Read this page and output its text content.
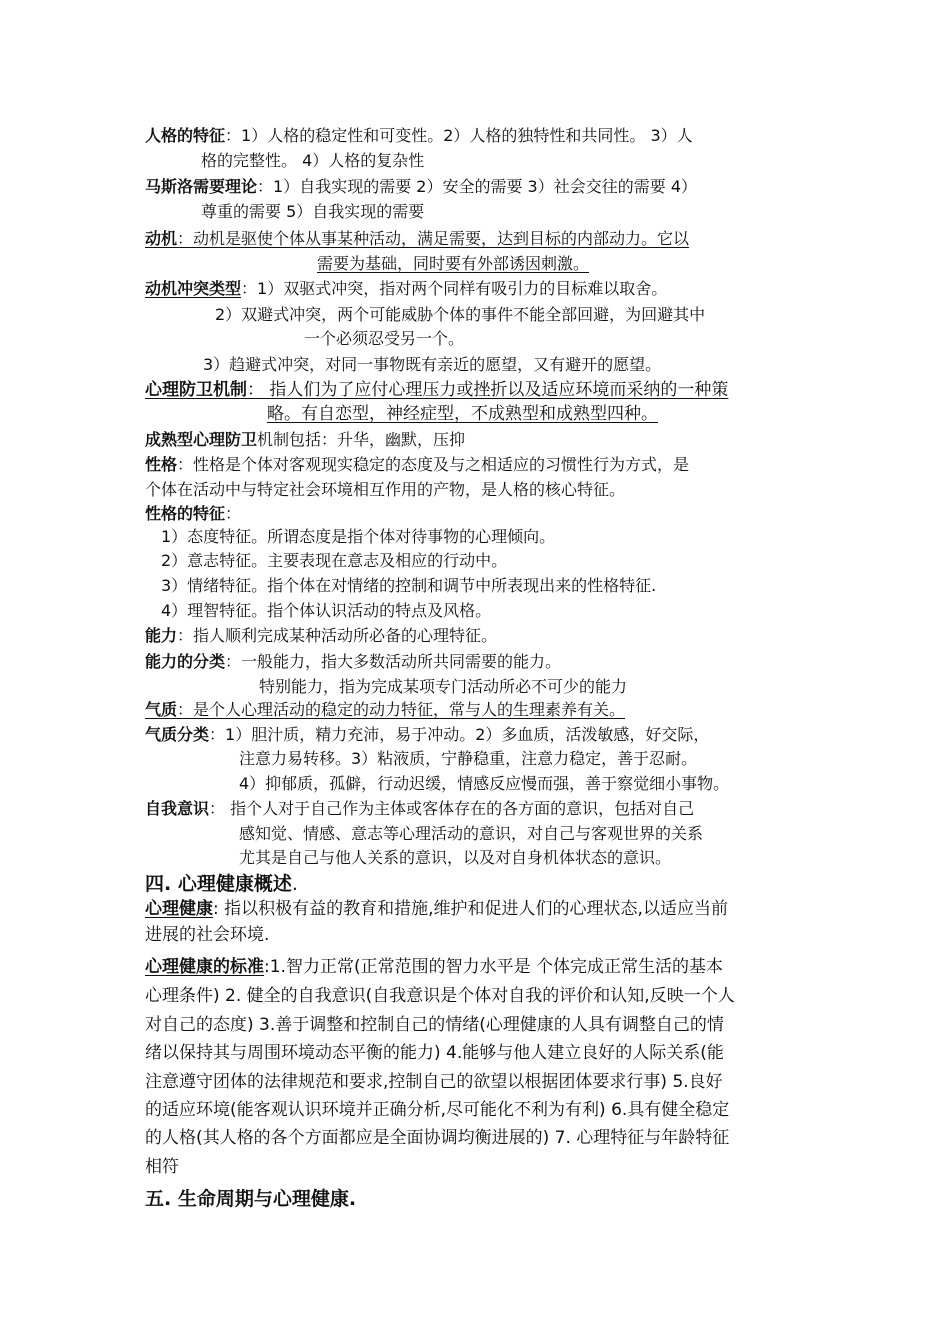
人格的特征：1）人格的稳定性和可变性。2）人格的独特性和共同性。 3）人

格的完整性。 4）人格的复杂性

马斯洛需要理论：1）自我实现的需要 2）安全的需要 3）社会交往的需要 4）

尊重的需要 5）自我实现的需要

动机：动机是驱使个体从事某种活动，满足需要，达到目标的内部动力。它以

需要为基础，同时要有外部诱因刺激。

动机冲突类型：1）双驱式冲突，指对两个同样有吸引力的目标难以取舍。

2）双避式冲突，两个可能威胁个体的事件不能全部回避，为回避其中

一个必须忍受另一个。

3）趋避式冲突，对同一事物既有亲近的愿望，又有避开的愿望。

心理防卫机制： 指人们为了应付心理压力或挫折以及适应环境而采纳的一种策

略。有自恋型，神经症型，不成熟型和成熟型四种。

成熟型心理防卫机制包括：升华，幽默，压抑

性格：性格是个体对客观现实稳定的态度及与之相适应的习惯性行为方式，是

个体在活动中与特定社会环境相互作用的产物，是人格的核心特征。

性格的特征：

1）态度特征。所谓态度是指个体对待事物的心理倾向。

2）意志特征。主要表现在意志及相应的行动中。

3）情绪特征。指个体在对情绪的控制和调节中所表现出来的性格特征.

4）理智特征。指个体认识活动的特点及风格。

能力：指人顺利完成某种活动所必备的心理特征。

能力的分类：一般能力，指大多数活动所共同需要的能力。

特别能力，指为完成某项专门活动所必不可少的能力

气质：是个人心理活动的稳定的动力特征，常与人的生理素养有关。

气质分类：1）胆汁质，精力充沛，易于冲动。2）多血质，活泼敏感，好交际，

注意力易转移。3）粘液质，宁静稳重，注意力稳定，善于忍耐。

4）抑郁质，孤僻，行动迟缓，情感反应慢而强，善于察觉细小事物。

自我意识： 指个人对于自己作为主体或客体存在的各方面的意识，包括对自己

感知觉、情感、意志等心理活动的意识，对自己与客观世界的关系

尤其是自己与他人关系的意识，以及对自身机体状态的意识。

四. 心理健康概述.

心理健康: 指以积极有益的教育和措施,维护和促进人们的心理状态,以适应当前

进展的社会环境.

心理健康的标准:1.智力正常(正常范围的智力水平是 个体完成正常生活的基本

心理条件) 2. 健全的自我意识(自我意识是个体对自我的评价和认知,反映一个人

对自己的态度) 3.善于调整和控制自己的情绪(心理健康的人具有调整自己的情

绪以保持其与周围环境动态平衡的能力) 4.能够与他人建立良好的人际关系(能

注意遵守团体的法律规范和要求,控制自己的欲望以根据团体要求行事) 5.良好

的适应环境(能客观认识环境并正确分析,尽可能化不利为有利) 6.具有健全稳定

的人格(其人格的各个方面都应是全面协调均衡进展的) 7. 心理特征与年龄特征

相符

五. 生命周期与心理健康.
